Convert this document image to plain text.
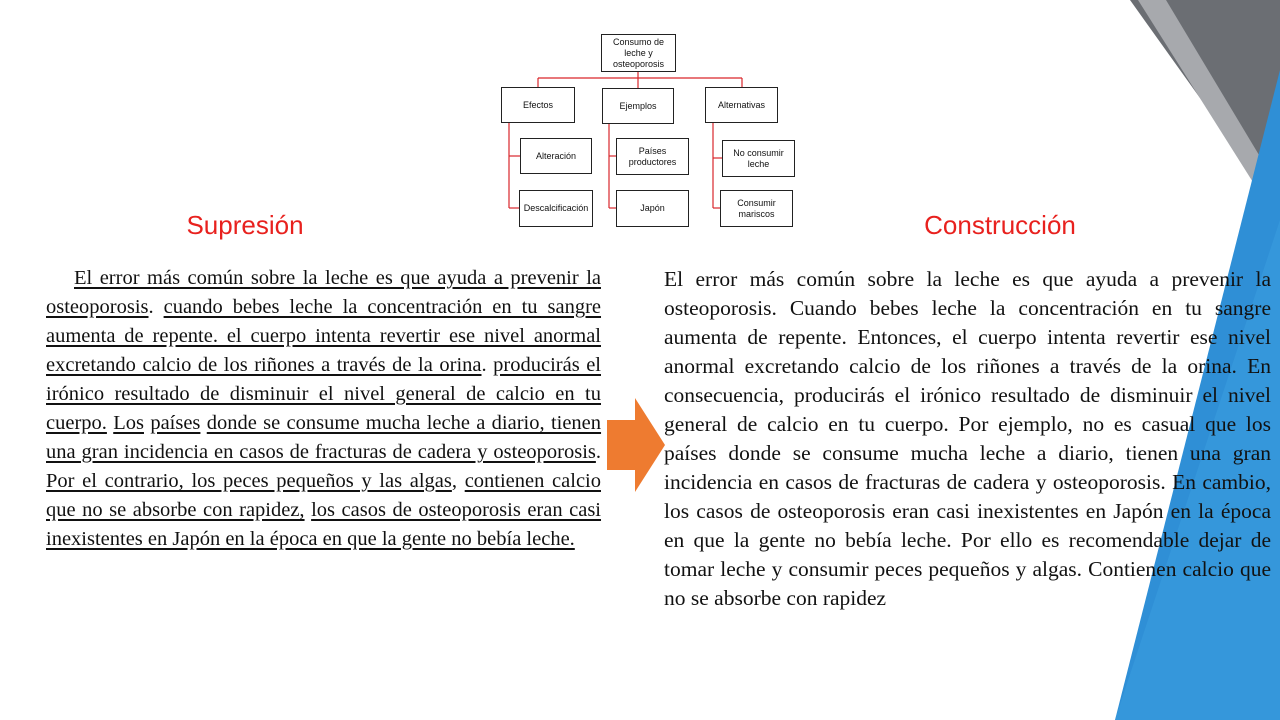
Consumo de leche y osteoporosis
Efectos	Ejemplos	Alternativas
Alteración
Descalcificación
Países productores
Japón
No consumir leche
Consumir mariscos
Supresión	Construcción
El error más común sobre la leche es que ayuda a prevenir la osteoporosis. cuando bebes leche la concentración en tu sangre aumenta de repente. el cuerpo intenta revertir ese nivel anormal excretando calcio de los riñones a través de la orina. producirás el irónico resultado de disminuir el nivel general de calcio en tu cuerpo. Los países donde se consume mucha leche a diario, tienen una gran incidencia en casos de fracturas de cadera y osteoporosis. Por el contrario, los peces pequeños y las algas, contienen calcio que no se absorbe con rapidez, los casos de osteoporosis eran casi inexistentes en Japón en la época en que la gente no bebía leche.
El error más común sobre la leche es que ayuda a prevenir la osteoporosis. Cuando bebes leche la concentración en tu sangre aumenta de repente. Entonces, el cuerpo intenta revertir ese nivel anormal excretando calcio de los riñones a través de la orina. En consecuencia, producirás el irónico resultado de disminuir el nivel general de calcio en tu cuerpo. Por ejemplo, no es casual que los países donde se consume mucha leche a diario, tienen una gran incidencia en casos de fracturas de cadera y osteoporosis. En cambio, los casos de osteoporosis eran casi inexistentes en Japón en la época en que la gente no bebía leche. Por ello es recomendable dejar de tomar leche y consumir peces pequeños y algas. Contienen calcio que no se absorbe con rapidez
